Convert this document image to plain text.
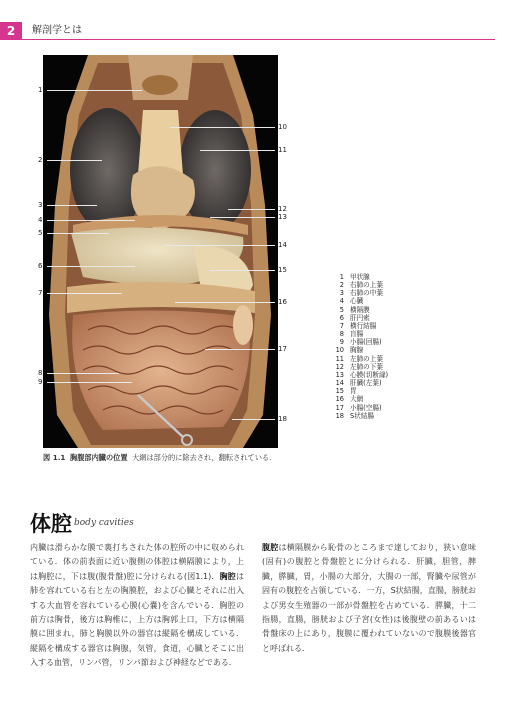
2	解剖学とは
1
2
3
4
5
6
7
8
9
10
11
12
13
14
15
16
17
18
1 甲状腺
2 右肺の上葉
3 右肺の中葉
4 心臓
5 横隔膜
6 肝円索
7 横行結腸
8 盲腸
9 小腸(回腸)
10 胸腺
11 左肺の上葉
12 左肺の下葉
13 心膜(切断縁)
14 肝臓(左葉)
15 胃
16 大網
17 小腸(空腸)
18 S状結腸
図 1.1 胸腹部内臓の位置 大網は部分的に除去され，翻転されている.
体腔 body cavities
内臓は滑らかな膜で裏打ちされた体の腔所の中に収められている．体の前表面に近い腹側の体腔は横隔膜により，上は胸腔に，下は腹(腹骨盤)腔に分けられる(図1.1)．胸腔は肺を容れている右と左の胸膜腔，および心臓とそれに出入する大血管を容れている心膜(心嚢)を含んでいる．胸腔の前方は胸骨，後方は胸椎に，上方は胸郭上口，下方は横隔膜に囲まれ，肺と胸膜以外の器官は縦隔を構成している．縦隔を構成する器官は胸腺，気管，食道，心臓とそこに出入する血管，リンパ管，リンパ節および神経などである．
腹腔は横隔膜から恥骨のところまで達しており，狭い意味(固有)の腹腔と骨盤腔とに分けられる．肝臓，胆管，脾臓，膵臓，胃，小腸の大部分，大腸の一部，腎臓や尿管が固有の腹腔を占領している．一方，S状結腸，直腸，膀胱および男女生殖器の一部が骨盤腔を占めている．膵臓，十二指腸，直腸，膀胱および子宮(女性)は後腹壁の前あるいは骨盤床の上にあり，腹膜に覆われていないので腹膜後器官と呼ばれる．
